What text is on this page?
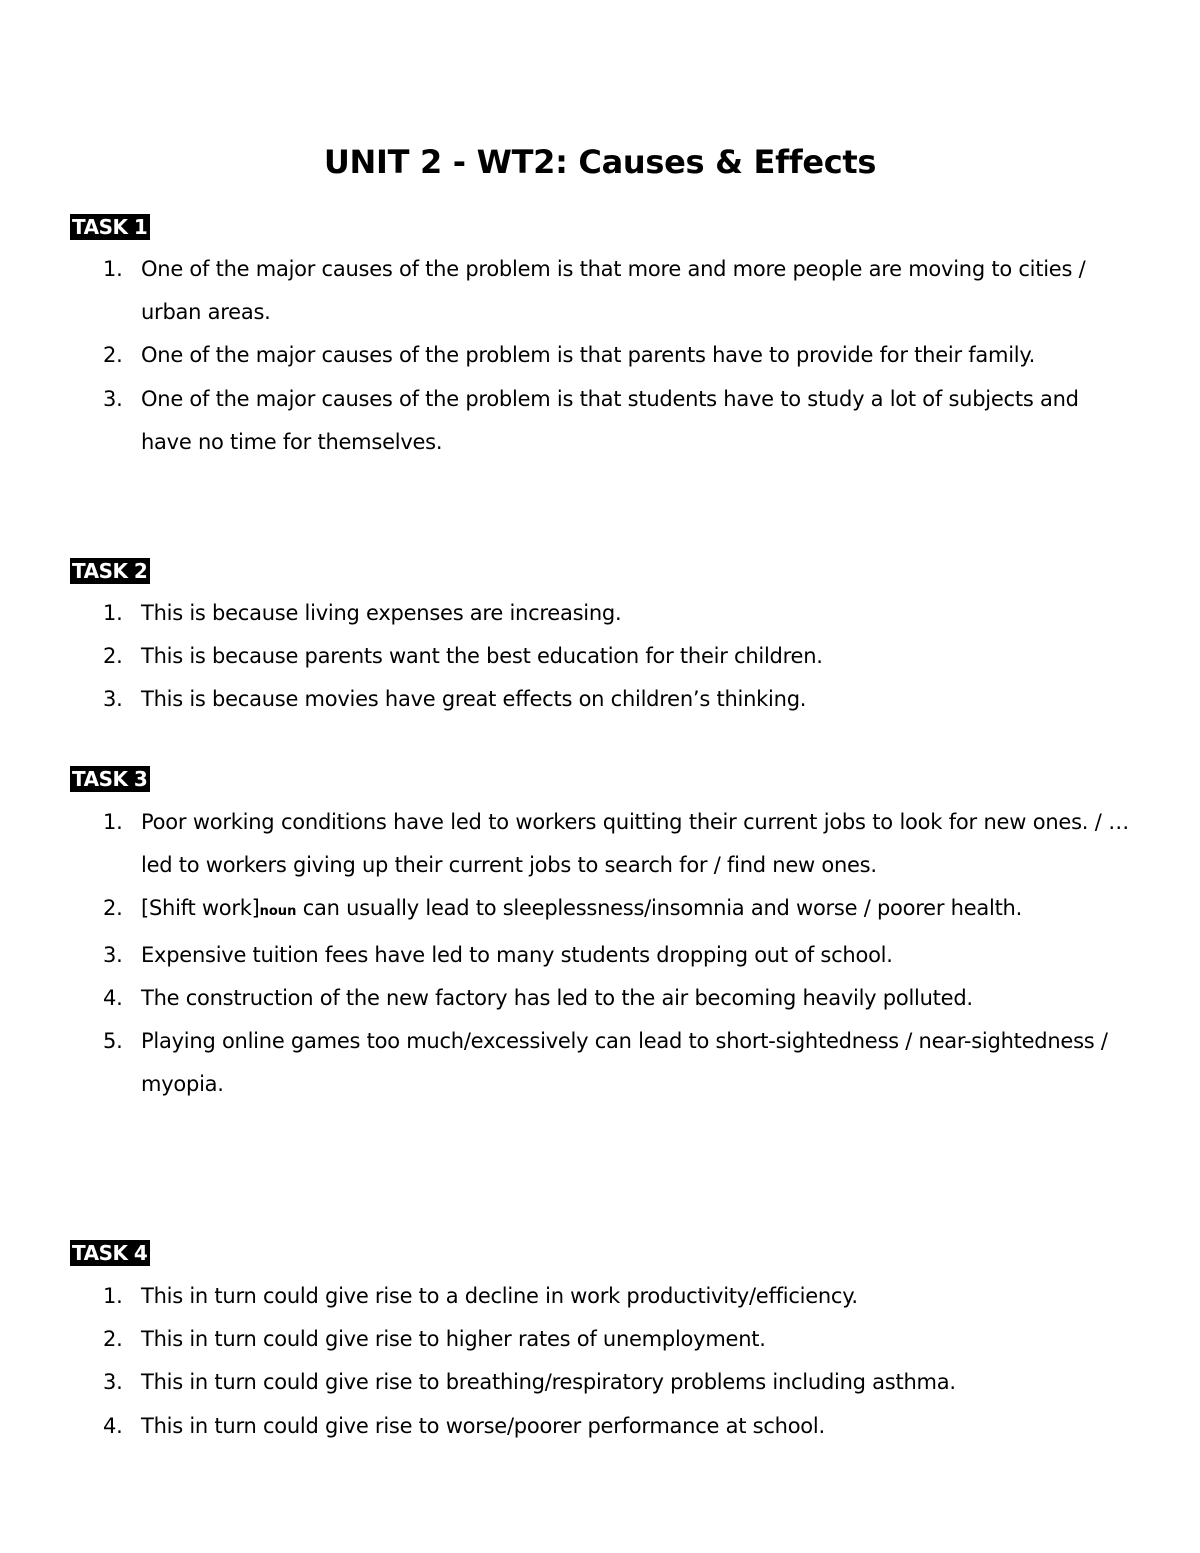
UNIT 2 - WT2: Causes & Effects
TASK 1
1. One of the major causes of the problem is that more and more people are moving to cities / urban areas.
2. One of the major causes of the problem is that parents have to provide for their family.
3. One of the major causes of the problem is that students have to study a lot of subjects and have no time for themselves.
TASK 2
1. This is because living expenses are increasing.
2. This is because parents want the best education for their children.
3. This is because movies have great effects on children’s thinking.
TASK 3
1. Poor working conditions have led to workers quitting their current jobs to look for new ones. / … led to workers giving up their current jobs to search for / find new ones.
2. [Shift work]noun can usually lead to sleeplessness/insomnia and worse / poorer health.
3. Expensive tuition fees have led to many students dropping out of school.
4. The construction of the new factory has led to the air becoming heavily polluted.
5. Playing online games too much/excessively can lead to short-sightedness / near-sightedness / myopia.
TASK 4
1. This in turn could give rise to a decline in work productivity/efficiency.
2. This in turn could give rise to higher rates of unemployment.
3. This in turn could give rise to breathing/respiratory problems including asthma.
4. This in turn could give rise to worse/poorer performance at school.
